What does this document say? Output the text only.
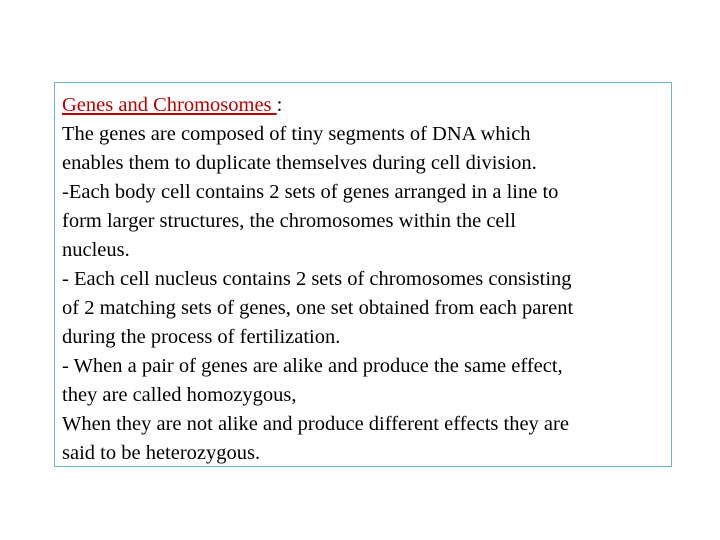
Genes and Chromosomes :
The genes are composed of tiny segments of DNA which
enables them to duplicate themselves during cell division.
-Each body cell contains 2 sets of genes arranged in a line to
form larger structures, the chromosomes within the cell
nucleus.
- Each cell nucleus contains 2 sets of chromosomes consisting
of 2 matching sets of genes, one set obtained from each parent
during the process of fertilization.
- When a pair of genes are alike and produce the same effect,
they are called homozygous,
When they are not alike and produce different effects they are
said to be heterozygous.
